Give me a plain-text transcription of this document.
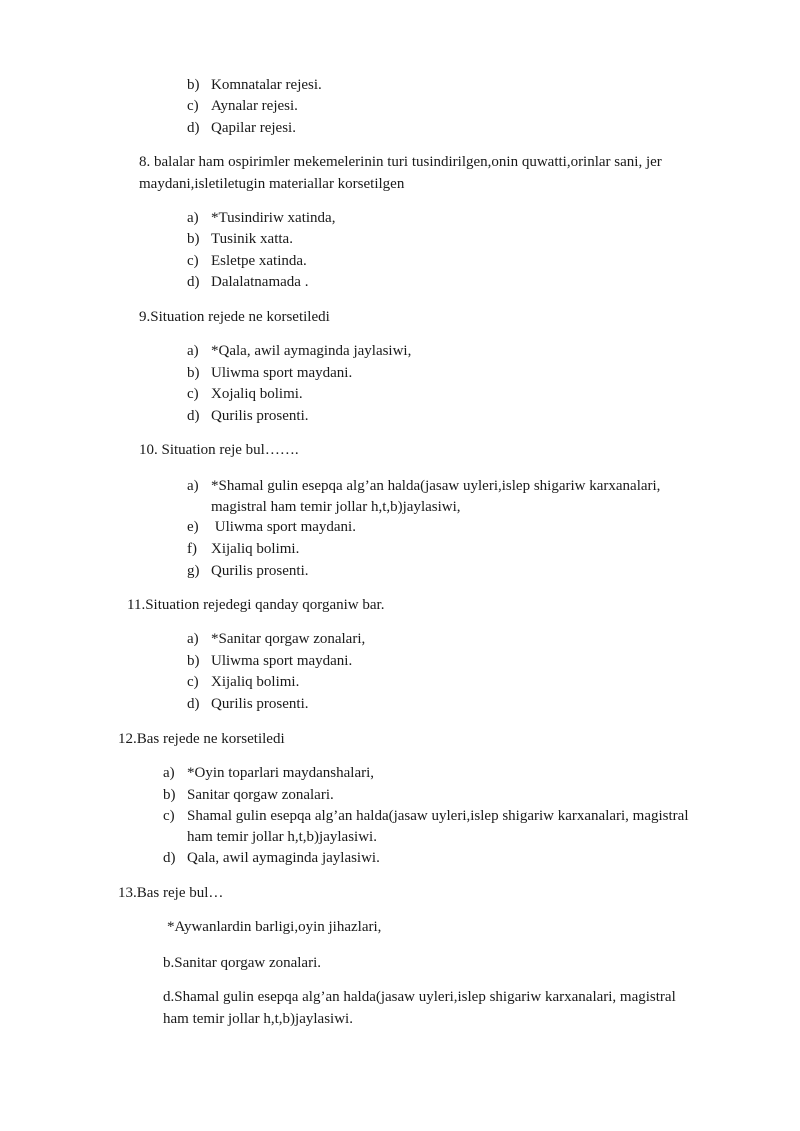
b) Komnatalar rejesi.
c) Aynalar rejesi.
d) Qapilar rejesi.
8. balalar ham ospirimler mekemelerinin turi tusindirilgen,onin quwatti,orinlar sani, jer
maydani,isletiletugin materiallar korsetilgen
a) *Tusindiriw xatinda,
b) Tusinik xatta.
c) Esletpe xatinda.
d) Dalalatnamada .
9.Situation rejede ne korsetiledi
a) *Qala, awil aymaginda jaylasiwi,
b) Uliwma sport maydani.
c) Xojaliq bolimi.
d) Qurilis prosenti.
10. Situation reje bul…….
a) *Shamal gulin esepqa alg’an halda(jasaw uyleri,islep shigariw karxanalari,
magistral ham temir jollar h,t,b)jaylasiwi,
e) Uliwma sport maydani.
f) Xijaliq bolimi.
g) Qurilis prosenti.
11.Situation rejedegi qanday qorganiw bar.
a) *Sanitar qorgaw zonalari,
b) Uliwma sport maydani.
c) Xijaliq bolimi.
d) Qurilis prosenti.
12.Bas rejede ne korsetiledi
a) *Oyin toparlari maydanshalari,
b) Sanitar qorgaw zonalari.
c) Shamal gulin esepqa alg’an halda(jasaw uyleri,islep shigariw karxanalari, magistral
ham temir jollar h,t,b)jaylasiwi.
d) Qala, awil aymaginda jaylasiwi.
13.Bas reje bul…
*Aywanlardin barligi,oyin jihazlari,
b.Sanitar qorgaw zonalari.
d.Shamal gulin esepqa alg’an halda(jasaw uyleri,islep shigariw karxanalari, magistral
ham temir jollar h,t,b)jaylasiwi.
